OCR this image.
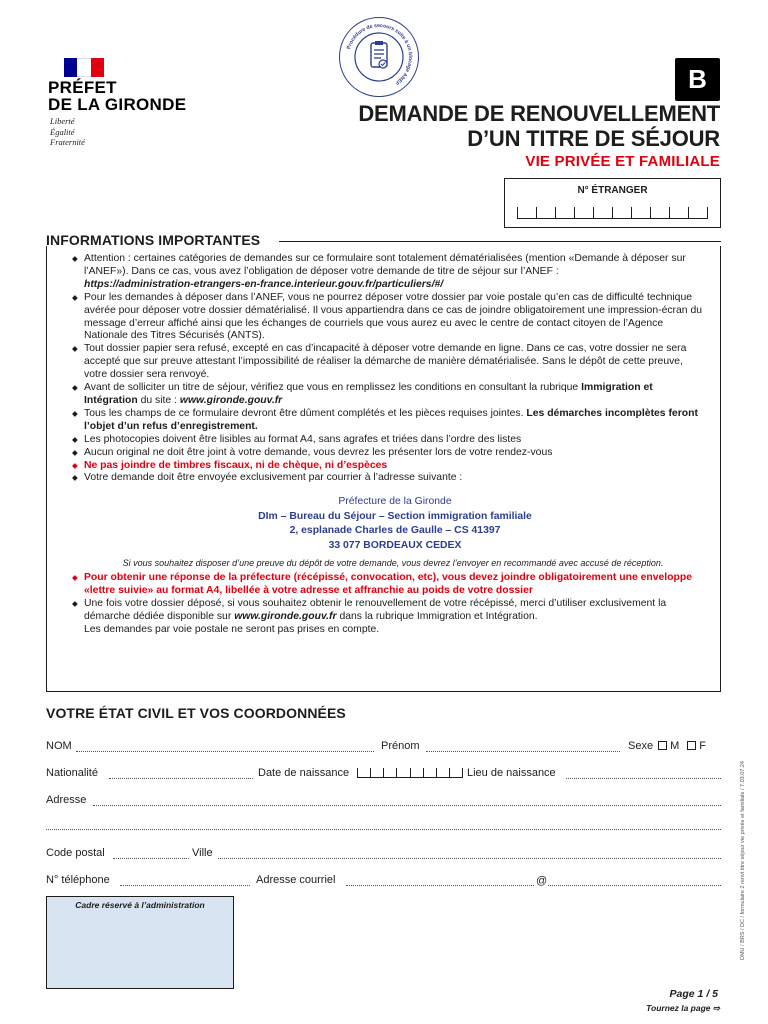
PRÉFET
DE LA GIRONDE
Liberté
Égalité
Fraternité
Procédure de secours suite à un blocage ANEF	B
DEMANDE DE RENOUVELLEMENT
D’UN TITRE DE SÉJOUR
VIE PRIVÉE ET FAMILIALE
N° ÉTRANGER
INFORMATIONS IMPORTANTES
◆ Attention : certaines catégories de demandes sur ce formulaire sont totalement dématérialisées (mention «Demande à déposer sur l’ANEF»). Dans ce cas, vous avez l’obligation de déposer votre demande de titre de séjour sur l’ANEF :
https://administration-etrangers-en-france.interieur.gouv.fr/particuliers/#/
◆ Pour les demandes à déposer dans l’ANEF, vous ne pourrez déposer votre dossier par voie postale qu’en cas de difficulté technique avérée pour déposer votre dossier dématérialisé. Il vous appartiendra dans ce cas de joindre obligatoirement une impression-écran du message d’erreur affiché ainsi que les échanges de courriels que vous aurez eu avec le centre de contact citoyen de l’Agence Nationale des Titres Sécurisés (ANTS).
◆ Tout dossier papier sera refusé, excepté en cas d’incapacité à déposer votre demande en ligne. Dans ce cas, votre dossier ne sera accepté que sur preuve attestant l’impossibilité de réaliser la démarche de manière dématérialisée. Sans le dépôt de cette preuve, votre dossier sera renvoyé.
◆ Avant de solliciter un titre de séjour, vérifiez que vous en remplissez les conditions en consultant la rubrique Immigration et Intégration du site : www.gironde.gouv.fr
◆ Tous les champs de ce formulaire devront être dûment complétés et les pièces requises jointes. Les démarches incomplètes feront l’objet d’un refus d’enregistrement.
◆ Les photocopies doivent être lisibles au format A4, sans agrafes et triées dans l’ordre des listes
◆ Aucun original ne doit être joint à votre demande, vous devrez les présenter lors de votre rendez-vous
◆ Ne pas joindre de timbres fiscaux, ni de chèque, ni d’espèces
◆ Votre demande doit être envoyée exclusivement par courrier à l’adresse suivante :
Préfecture de la Gironde
DIm – Bureau du Séjour – Section immigration familiale
2, esplanade Charles de Gaulle – CS 41397
33 077 BORDEAUX CEDEX
Si vous souhaitez disposer d’une preuve du dépôt de votre demande, vous devrez l’envoyer en recommandé avec accusé de réception.
◆ Pour obtenir une réponse de la préfecture (récépissé, convocation, etc), vous devez joindre obligatoirement une enveloppe «lettre suivie» au format A4, libellée à votre adresse et affranchie au poids de votre dossier
◆ Une fois votre dossier déposé, si vous souhaitez obtenir le renouvellement de votre récépissé, merci d’utiliser exclusivement la démarche dédiée disponible sur www.gironde.gouv.fr dans la rubrique Immigration et Intégration.
Les demandes par voie postale ne seront pas prises en compte.
VOTRE ÉTAT CIVIL ET VOS COORDONNÉES
NOM	Prénom	Sexe M F
Nationalité	Date de naissance	Lieu de naissance
Adresse
Code postal	Ville
N° téléphone	Adresse courriel	@
Cadre réservé à l’administration
Page 1 / 5
Tournez la page ⇨
DMU / BRS / DC / formulaire 2 renvt titre séjour vie privée et familiale / 7.03.07.24
